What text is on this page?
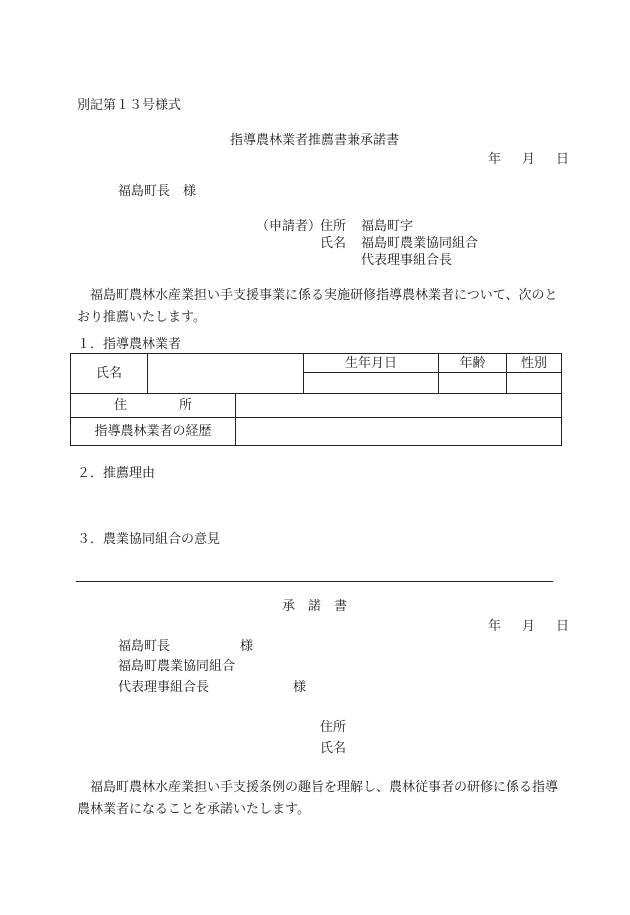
別記第１３号様式
指導農林業者推薦書兼承諾書
年　月　日
福島町長　様
（申請者）
住所 福島町字
氏名 福島町農業協同組合
代表理事組合長
福島町農林水産業担い手支援事業に係る実施研修指導農林業者について、次のとおり推薦いたします。
１．指導農林業者
氏名			生年月日	年齢	性別

住　　　　所					
指導農林業者の経歴					
２．推薦理由
３．農業協同組合の意見
承　諾　書
年　月　日
福島町長	様
福島町農業協同組合
代表理事組合長	様
住所
氏名
福島町農林水産業担い手支援条例の趣旨を理解し、農林従事者の研修に係る指導農林業者になることを承諾いたします。
